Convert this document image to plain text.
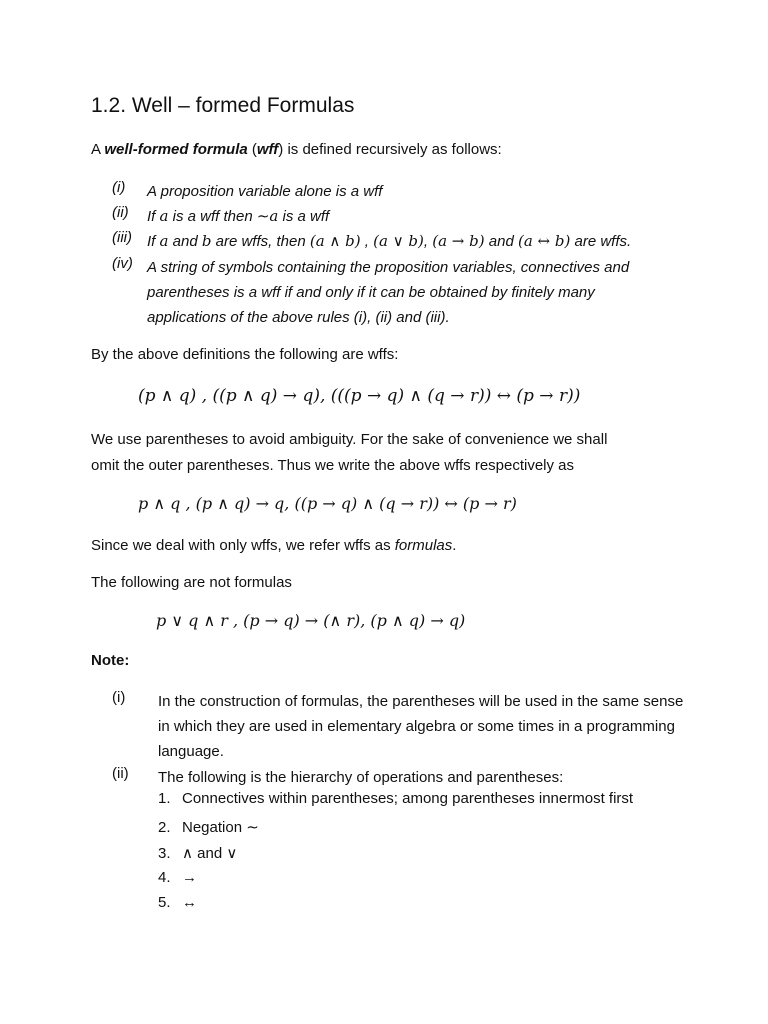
1.2. Well – formed Formulas
A well-formed formula (wff) is defined recursively as follows:
(i) A proposition variable alone is a wff
(ii) If a is a wff then ∼a is a wff
(iii) If a and b are wffs, then (a ∧ b) , (a ∨ b), (a → b) and (a ↔ b) are wffs.
(iv) A string of symbols containing the proposition variables, connectives and parentheses is a wff if and only if it can be obtained by finitely many applications of the above rules (i), (ii) and (iii).
By the above definitions the following are wffs:
(p ∧ q) , ((p ∧ q) → q), (((p → q) ∧ (q → r)) ↔ (p → r))
We use parentheses to avoid ambiguity. For the sake of convenience we shall
omit the outer parentheses. Thus we write the above wffs respectively as
p ∧ q , (p ∧ q) → q, ((p → q) ∧ (q → r)) ↔ (p → r)
Since we deal with only wffs, we refer wffs as formulas.
The following are not formulas
p ∨ q ∧ r , (p → q) → (∧ r), (p ∧ q) → q)
Note:
(i) In the construction of formulas, the parentheses will be used in the same sense in which they are used in elementary algebra or some times in a programming language.
(ii) The following is the hierarchy of operations and parentheses:
1. Connectives within parentheses; among parentheses innermost first
2. Negation ∼
3. ∧ and ∨
4. →
5. ↔
